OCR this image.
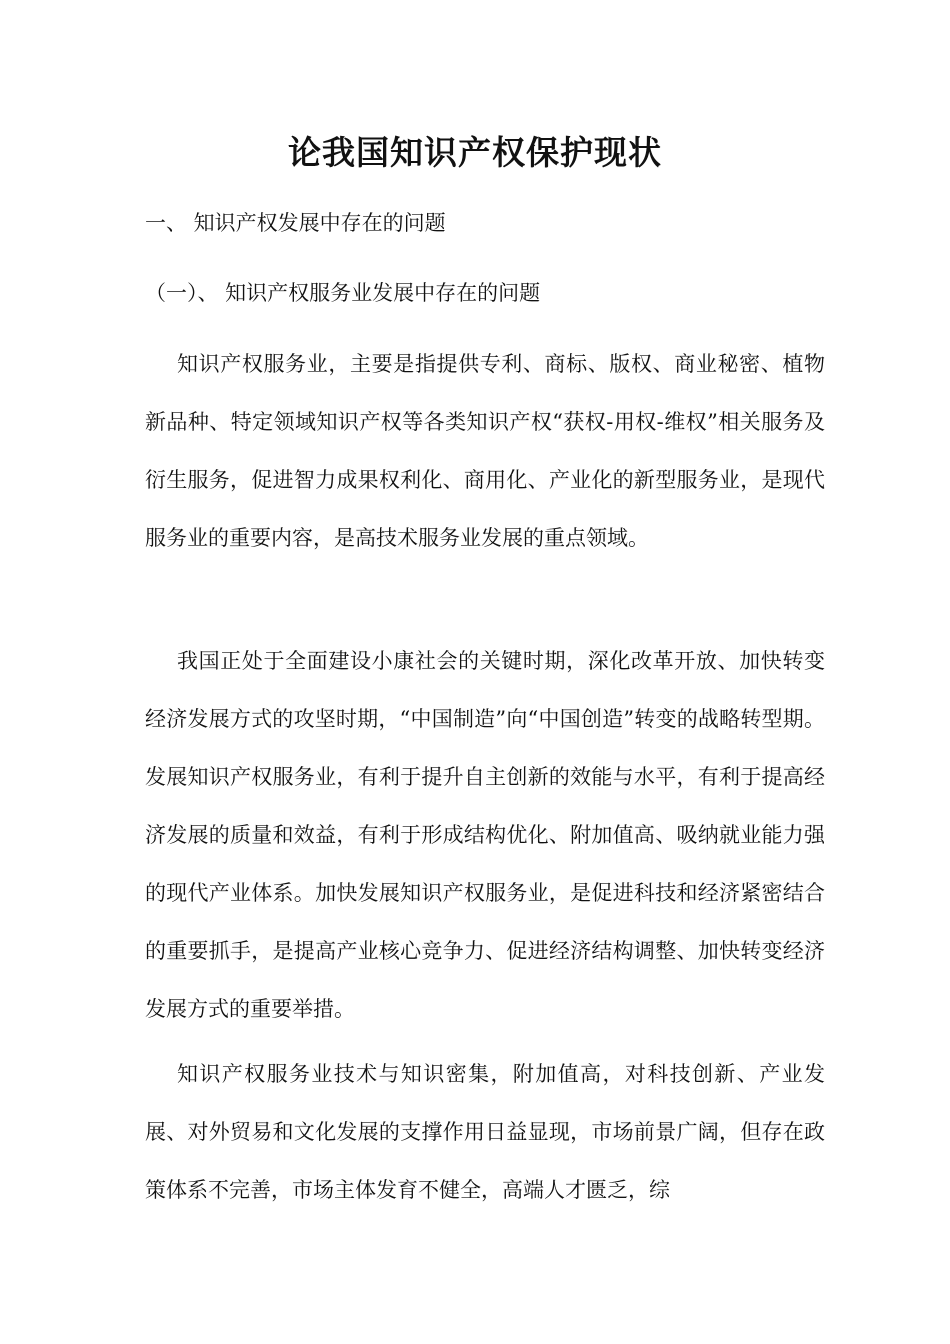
论我国知识产权保护现状
一、 知识产权发展中存在的问题
（一）、 知识产权服务业发展中存在的问题
知识产权服务业，主要是指提供专利、商标、版权、商业秘密、植物新品种、特定领域知识产权等各类知识产权“获权-用权-维权”相关服务及衍生服务，促进智力成果权利化、商用化、产业化的新型服务业，是现代服务业的重要内容，是高技术服务业发展的重点领域。
我国正处于全面建设小康社会的关键时期，深化改革开放、加快转变经济发展方式的攻坚时期，“中国制造”向“中国创造”转变的战略转型期。发展知识产权服务业，有利于提升自主创新的效能与水平，有利于提高经济发展的质量和效益，有利于形成结构优化、附加值高、吸纳就业能力强的现代产业体系。加快发展知识产权服务业，是促进科技和经济紧密结合的重要抓手，是提高产业核心竞争力、促进经济结构调整、加快转变经济发展方式的重要举措。
知识产权服务业技术与知识密集，附加值高，对科技创新、产业发展、对外贸易和文化发展的支撑作用日益显现，市场前景广阔，但存在政策体系不完善，市场主体发育不健全，高端人才匮乏，综
